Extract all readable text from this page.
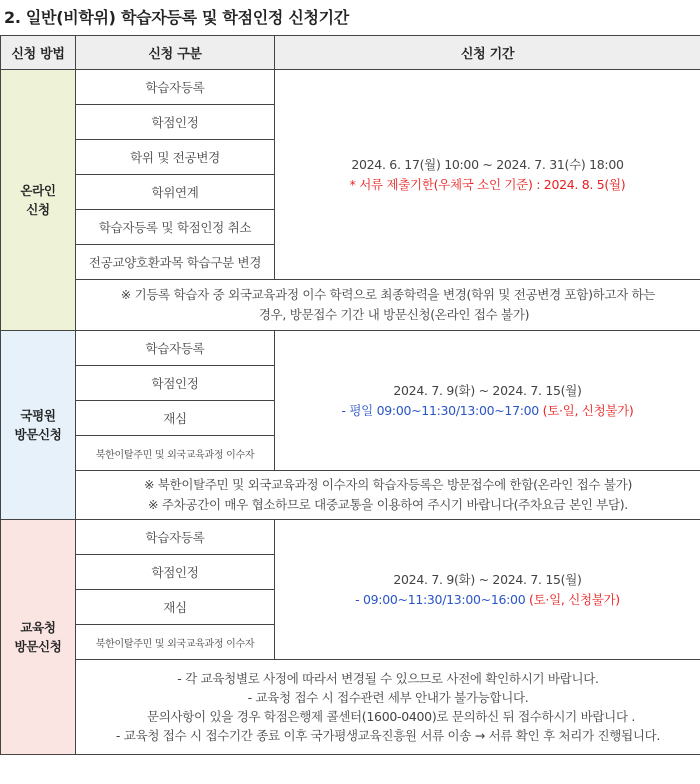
2. 일반(비학위) 학습자등록 및 학점인정 신청기간
신청 방법	신청 구분	신청 기간
온라인
신청	학습자등록	2024. 6. 17(월) 10:00 ~ 2024. 7. 31(수) 18:00
* 서류 제출기한(우체국 소인 기준) : 2024. 8. 5(월)
	학점인정	
	학위 및 전공변경	
	학위연계	
	학습자등록 및 학점인정 취소	
	전공교양호환과목 학습구분 변경	

	※ 기등록 학습자 중 외국교육과정 이수 학력으로 최종학력을 변경(학위 및 전공변경 포함)하고자 하는
경우, 방문접수 기간 내 방문신청(온라인 접수 불가)	

국평원
방문신청	학습자등록	2024. 7. 9(화) ~ 2024. 7. 15(월)
- 평일 09:00~11:30/13:00~17:00 (토·일, 신청불가)
	학점인정	
	재심	
	북한이탈주민 및 외국교육과정 이수자	

	※ 북한이탈주민 및 외국교육과정 이수자의 학습자등록은 방문접수에 한함(온라인 접수 불가)
※ 주차공간이 매우 협소하므로 대중교통을 이용하여 주시기 바랍니다(주차요금 본인 부담).	

교육청
방문신청	학습자등록	2024. 7. 9(화) ~ 2024. 7. 15(월)
- 09:00~11:30/13:00~16:00 (토·일, 신청불가)
	학점인정	
	재심	
	북한이탈주민 및 외국교육과정 이수자	

	- 각 교육청별로 사정에 따라서 변경될 수 있으므로 사전에 확인하시기 바랍니다.
- 교육청 접수 시 접수관련 세부 안내가 불가능합니다.
문의사항이 있을 경우 학점은행제 콜센터(1600-0400)로 문의하신 뒤 접수하시기 바랍니다 .
- 교육청 접수 시 접수기간 종료 이후 국가평생교육진흥원 서류 이송 → 서류 확인 후 처리가 진행됩니다.	
